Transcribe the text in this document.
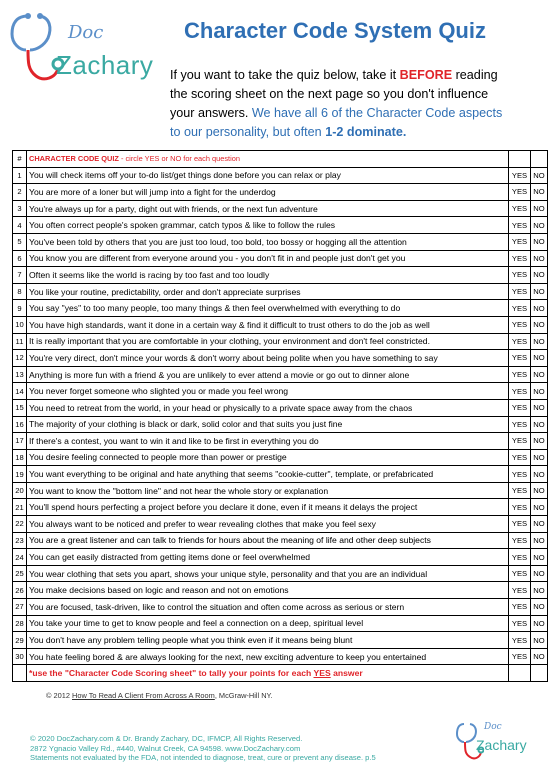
Doc
Zachary
Character Code System Quiz
If you want to take the quiz below, take it BEFORE reading the scoring sheet on the next page so you don't influence your answers. We have all 6 of the Character Code aspects to our personality, but often 1-2 dominate.
#	CHARACTER CODE QUIZ - circle YES or NO for each question		
1	You will check items off your to-do list/get things done before you can relax or play	YES	NO
2	You are more of a loner but will jump into a fight for the underdog	YES	NO
3	You're always up for a party, dight out with friends, or the next fun adventure	YES	NO
4	You often correct people's spoken grammar, catch typos & like to follow the rules	YES	NO
5	You've been told by others that you are just too loud, too bold, too bossy or hogging all the attention	YES	NO
6	You know you are different from everyone around you - you don't fit in and people just don't get you	YES	NO
7	Often it seems like the world is racing by too fast and too loudly	YES	NO
8	You like your routine, predictability, order and don't appreciate surprises	YES	NO
9	You say "yes" to too many people, too many things & then feel overwhelmed with everything to do	YES	NO
10	You have high standards, want it done in a certain way & find it difficult to trust others to do the job as well	YES	NO
11	It is really important that you are comfortable in your clothing, your environment and don't feel constricted.	YES	NO
12	You're very direct, don't mince your words & don't worry about being polite when you have something to say	YES	NO
13	Anything is more fun with a friend & you are unlikely to ever attend a movie or go out to dinner alone	YES	NO
14	You never forget someone who slighted you or made you feel wrong	YES	NO
15	You need to retreat from the world, in your head or physically to a private space away from the chaos	YES	NO
16	The majority of your clothing is black or dark, solid color and that suits you just fine	YES	NO
17	If there's a contest, you want to win it and like to be first in everything you do	YES	NO
18	You desire feeling connected to people more than power or prestige	YES	NO
19	You want everything to be original and hate anything that seems "cookie-cutter", template, or prefabricated	YES	NO
20	You want to know the "bottom line" and not hear the whole story or explanation	YES	NO
21	You'll spend hours perfecting a project before you declare it done, even if it means it delays the project	YES	NO
22	You always want to be noticed and prefer to wear revealing clothes that make you feel sexy	YES	NO
23	You are a great listener and can talk to friends for hours about the meaning of life and other deep subjects	YES	NO
24	You can get easily distracted from getting items done or feel overwhelmed	YES	NO
25	You wear clothing that sets you apart, shows your unique style, personality and that you are an individual	YES	NO
26	You make decisions based on logic and reason and not on emotions	YES	NO
27	You are focused, task-driven, like to control the situation and often come across as serious or stern	YES	NO
28	You take your time to get to know people and feel a connection on a deep, spiritual level	YES	NO
29	You don't have any problem telling people what you think even if it means being blunt	YES	NO
30	You hate feeling bored & are always looking for the next, new exciting adventure to keep you entertained	YES	NO
	*use the "Character Code Scoring sheet" to tally your points for each YES answer		
© 2012 How To Read A Client From Across A Room, McGraw-Hill NY.
© 2020 DocZachary.com & Dr. Brandy Zachary, DC, IFMCP, All Rights Reserved.
2872 Ygnacio Valley Rd., #440, Walnut Creek, CA 94598. www.DocZachary.com
Statements not evaluated by the FDA, not intended to diagnose, treat, cure or prevent any disease. p.5
Doc
Zachary
